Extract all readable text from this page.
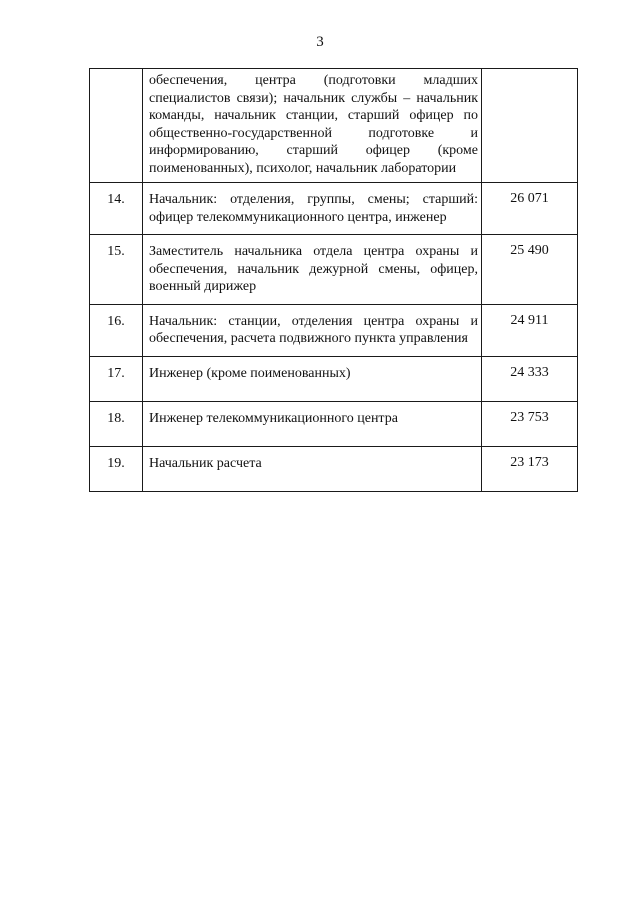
3

	обеспечения, центра (подготовки младших специалистов связи); начальник службы – начальник команды, начальник станции, старший офицер по общественно-государственной подготовке и информированию, старший офицер (кроме поименованных), психолог, начальник лаборатории	

14.	Начальник: отделения, группы, смены; старший: офицер телекоммуникационного центра, инженер	26 071

15.	Заместитель начальника отдела центра охраны и обеспечения, начальник дежурной смены, офицер, военный дирижер	25 490

16.	Начальник: станции, отделения центра охраны и обеспечения, расчета подвижного пункта управления	24 911

17.	Инженер (кроме поименованных)	24 333

18.	Инженер телекоммуникационного центра	23 753

19.	Начальник расчета	23 173
